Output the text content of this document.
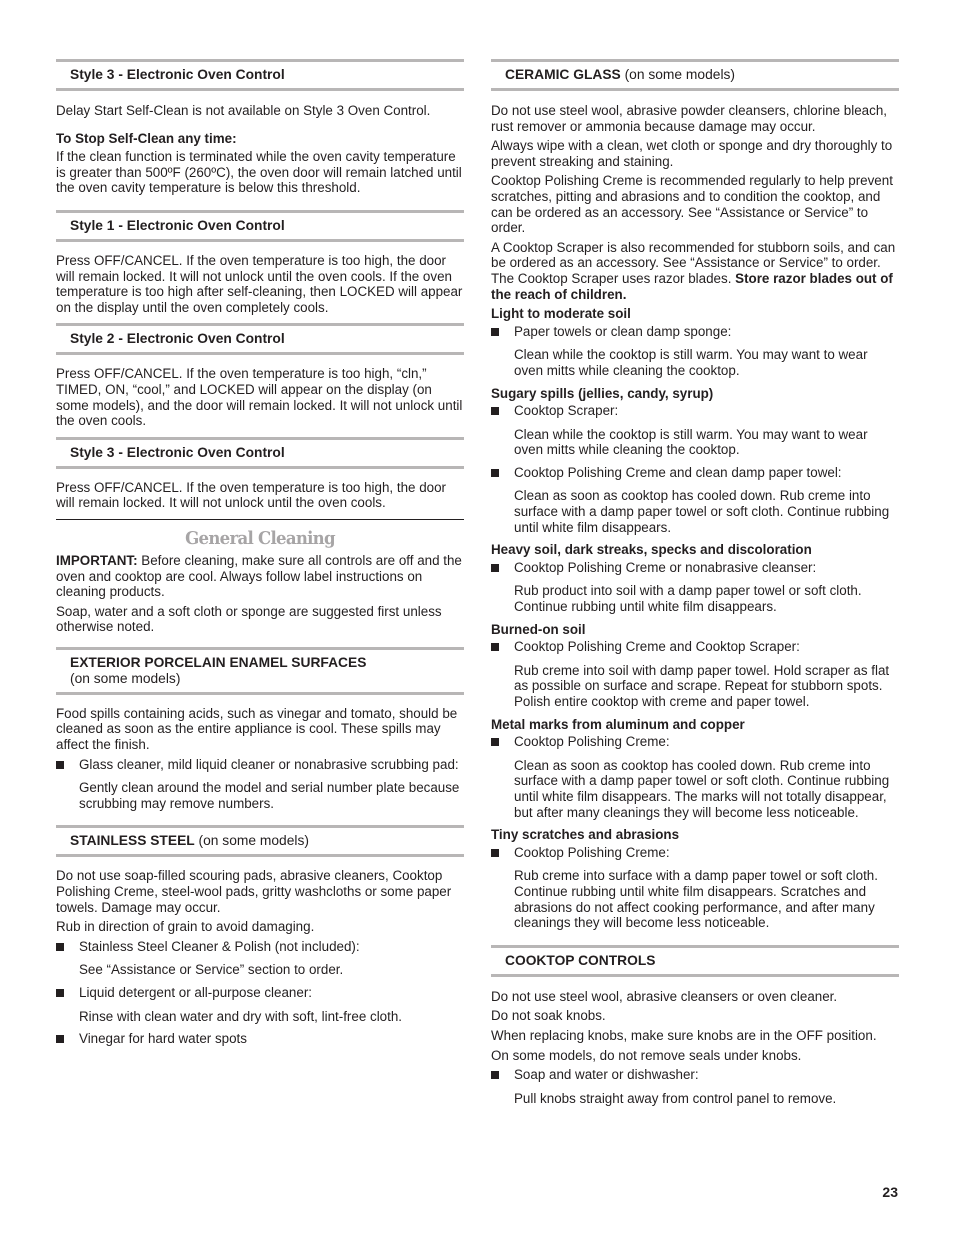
Style 3 - Electronic Oven Control
Delay Start Self-Clean is not available on Style 3 Oven Control.
To Stop Self-Clean any time:
If the clean function is terminated while the oven cavity temperature is greater than 500ºF (260ºC), the oven door will remain latched until the oven cavity temperature is below this threshold.
Style 1 - Electronic Oven Control
Press OFF/CANCEL. If the oven temperature is too high, the door will remain locked. It will not unlock until the oven cools. If the oven temperature is too high after self-cleaning, then LOCKED will appear on the display until the oven completely cools.
Style 2 - Electronic Oven Control
Press OFF/CANCEL. If the oven temperature is too high, “cln,” TIMED, ON, “cool,” and LOCKED will appear on the display (on some models), and the door will remain locked. It will not unlock until the oven cools.
Style 3 - Electronic Oven Control
Press OFF/CANCEL. If the oven temperature is too high, the door will remain locked. It will not unlock until the oven cools.
General Cleaning
IMPORTANT: Before cleaning, make sure all controls are off and the oven and cooktop are cool. Always follow label instructions on cleaning products.
Soap, water and a soft cloth or sponge are suggested first unless otherwise noted.
EXTERIOR PORCELAIN ENAMEL SURFACES
(on some models)
Food spills containing acids, such as vinegar and tomato, should be cleaned as soon as the entire appliance is cool. These spills may affect the finish.
Glass cleaner, mild liquid cleaner or nonabrasive scrubbing pad:
Gently clean around the model and serial number plate because scrubbing may remove numbers.
STAINLESS STEEL (on some models)
Do not use soap-filled scouring pads, abrasive cleaners, Cooktop Polishing Creme, steel-wool pads, gritty washcloths or some paper towels. Damage may occur.
Rub in direction of grain to avoid damaging.
Stainless Steel Cleaner & Polish (not included):
See “Assistance or Service” section to order.
Liquid detergent or all-purpose cleaner:
Rinse with clean water and dry with soft, lint-free cloth.
Vinegar for hard water spots
CERAMIC GLASS (on some models)
Do not use steel wool, abrasive powder cleansers, chlorine bleach, rust remover or ammonia because damage may occur.
Always wipe with a clean, wet cloth or sponge and dry thoroughly to prevent streaking and staining.
Cooktop Polishing Creme is recommended regularly to help prevent scratches, pitting and abrasions and to condition the cooktop, and can be ordered as an accessory. See “Assistance or Service” to order.
A Cooktop Scraper is also recommended for stubborn soils, and can be ordered as an accessory. See “Assistance or Service” to order. The Cooktop Scraper uses razor blades. Store razor blades out of the reach of children.
Light to moderate soil
Paper towels or clean damp sponge:
Clean while the cooktop is still warm. You may want to wear oven mitts while cleaning the cooktop.
Sugary spills (jellies, candy, syrup)
Cooktop Scraper:
Clean while the cooktop is still warm. You may want to wear oven mitts while cleaning the cooktop.
Cooktop Polishing Creme and clean damp paper towel:
Clean as soon as cooktop has cooled down. Rub creme into surface with a damp paper towel or soft cloth. Continue rubbing until white film disappears.
Heavy soil, dark streaks, specks and discoloration
Cooktop Polishing Creme or nonabrasive cleanser:
Rub product into soil with a damp paper towel or soft cloth. Continue rubbing until white film disappears.
Burned-on soil
Cooktop Polishing Creme and Cooktop Scraper:
Rub creme into soil with damp paper towel. Hold scraper as flat as possible on surface and scrape. Repeat for stubborn spots. Polish entire cooktop with creme and paper towel.
Metal marks from aluminum and copper
Cooktop Polishing Creme:
Clean as soon as cooktop has cooled down. Rub creme into surface with a damp paper towel or soft cloth. Continue rubbing until white film disappears. The marks will not totally disappear, but after many cleanings they will become less noticeable.
Tiny scratches and abrasions
Cooktop Polishing Creme:
Rub creme into surface with a damp paper towel or soft cloth. Continue rubbing until white film disappears. Scratches and abrasions do not affect cooking performance, and after many cleanings they will become less noticeable.
COOKTOP CONTROLS
Do not use steel wool, abrasive cleansers or oven cleaner.
Do not soak knobs.
When replacing knobs, make sure knobs are in the OFF position.
On some models, do not remove seals under knobs.
Soap and water or dishwasher:
Pull knobs straight away from control panel to remove.
23
